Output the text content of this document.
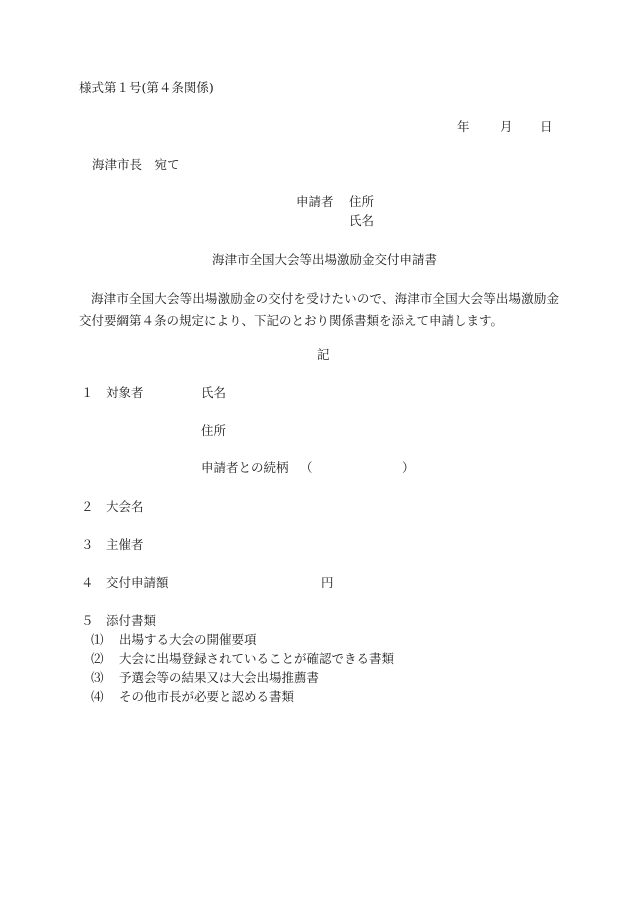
様式第１号(第４条関係)
年 月 日
海津市長　宛て
申請者 住所
氏名
海津市全国大会等出場激励金交付申請書
海津市全国大会等出場激励金の交付を受けたいので、海津市全国大会等出場激励金交付要綱第４条の規定により、下記のとおり関係書類を添えて申請します。
記
１ 対象者	氏名
住所
申請者との続柄 （	）
２ 大会名
３ 主催者
４ 交付申請額	円
５ 添付書類
⑴ 出場する大会の開催要項
⑵ 大会に出場登録されていることが確認できる書類
⑶ 予選会等の結果又は大会出場推薦書
⑷ その他市長が必要と認める書類
